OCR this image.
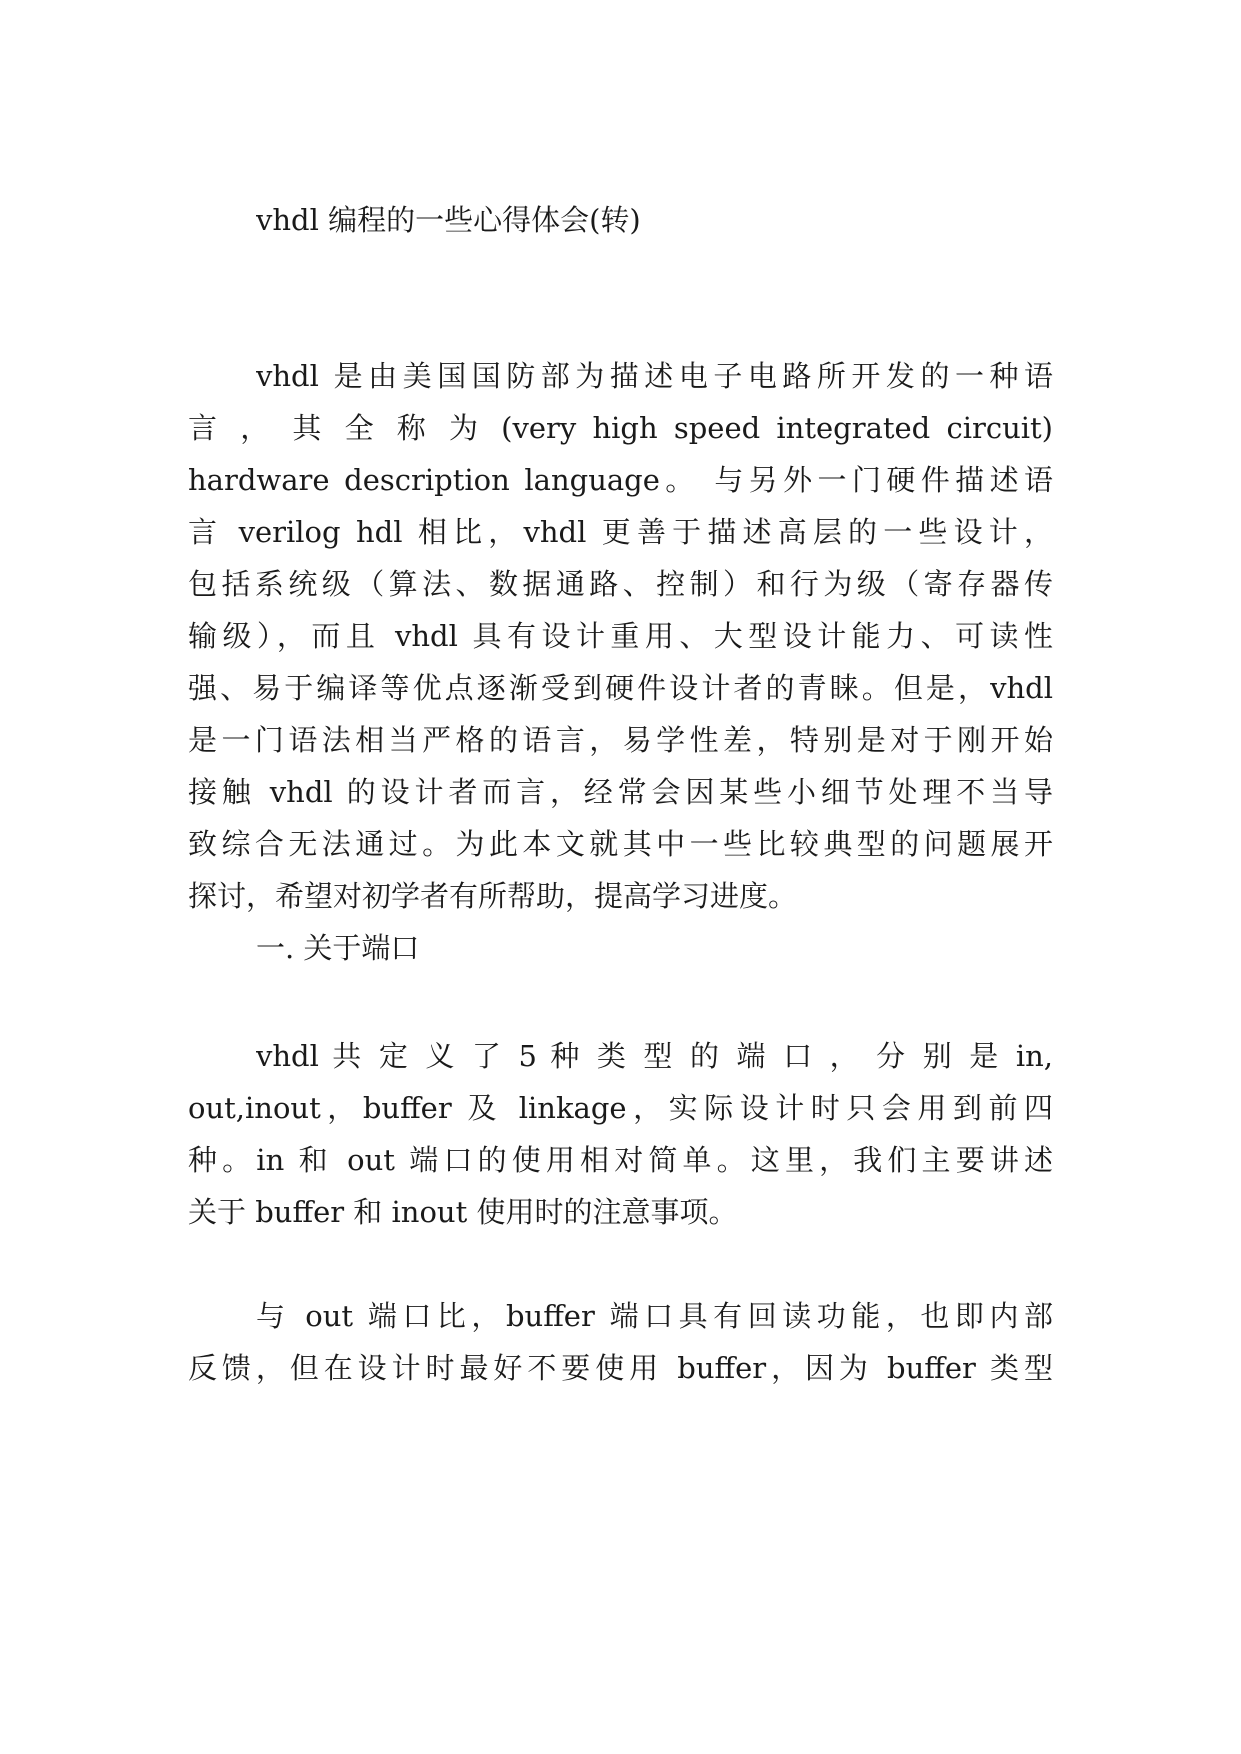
vhdl 编程的一些心得体会(转)
vhdl 是由美国国防部为描述电子电路所开发的一种语
言 ， 其 全 称 为 (very high speed integrated circuit)
hardware description language。 与另外一门硬件描述语
言 verilog hdl 相比，vhdl 更善于描述高层的一些设计，
包括系统级（算法、数据通路、控制）和行为级（寄存器传
输级），而且 vhdl 具有设计重用、大型设计能力、可读性
强、易于编译等优点逐渐受到硬件设计者的青睐。但是，vhdl
是一门语法相当严格的语言，易学性差，特别是对于刚开始
接触 vhdl 的设计者而言，经常会因某些小细节处理不当导
致综合无法通过。为此本文就其中一些比较典型的问题展开
探讨，希望对初学者有所帮助，提高学习进度。
一. 关于端口
vhdl 共 定 义 了 5 种 类 型 的 端 口 ， 分 别 是 in,
out,inout，buffer 及 linkage，实际设计时只会用到前四
种。in 和 out 端口的使用相对简单。这里，我们主要讲述
关于 buffer 和 inout 使用时的注意事项。
与 out 端口比，buffer 端口具有回读功能，也即内部
反馈，但在设计时最好不要使用 buffer，因为 buffer 类型
